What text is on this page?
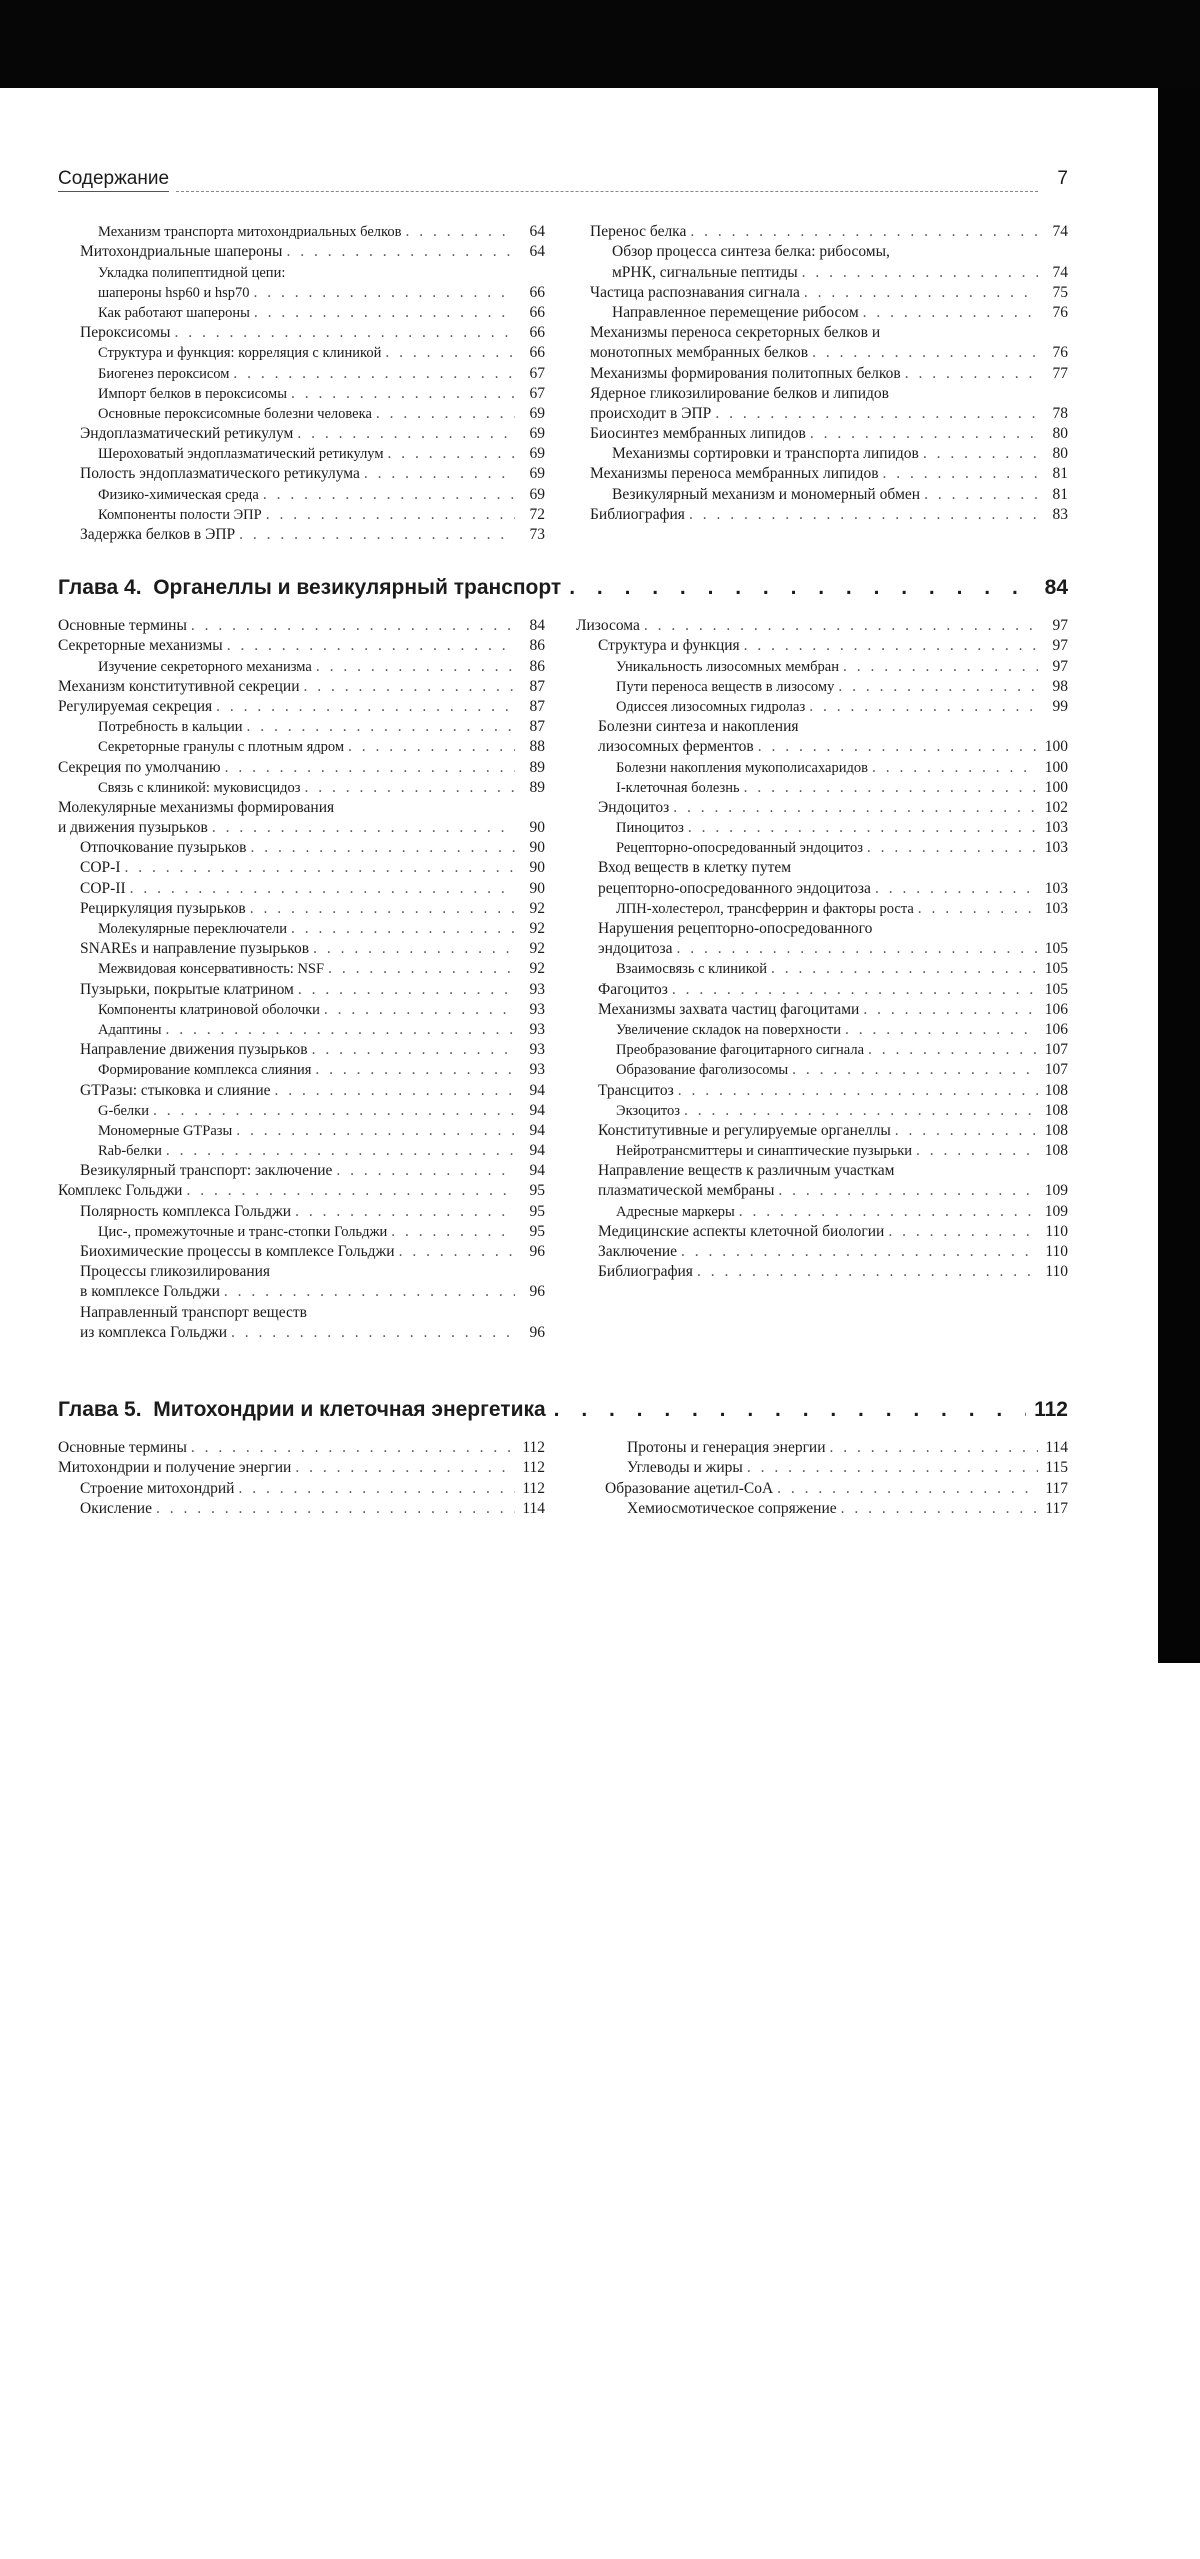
Содержание	7
Механизм транспорта митохондриальных белков . . .	64
Митохондриальные шапероны . . .	64
Укладка полипептидной цепи:
шапероны hsp60 и hsp70 . . .	66
Как работают шапероны . . .	66
Пероксисомы . . .	66
Структура и функция: корреляция с клиникой . . .	66
Биогенез пероксисом . . .	67
Импорт белков в пероксисомы . . .	67
Основные пероксисомные болезни человека . . .	69
Эндоплазматический ретикулум . . .	69
Шероховатый эндоплазматический ретикулум . . .	69
Полость эндоплазматического ретикулума . . .	69
Физико-химическая среда . . .	69
Компоненты полости ЭПР . . .	72
Задержка белков в ЭПР . . .	73
Перенос белка . . .	74
Обзор процесса синтеза белка: рибосомы,
мРНК, сигнальные пептиды . . .	74
Частица распознавания сигнала . . .	75
Направленное перемещение рибосом . . .	76
Механизмы переноса секреторных белков и
монотопных мембранных белков . . .	76
Механизмы формирования политопных белков . . .	77
Ядерное гликозилирование белков и липидов
происходит в ЭПР . . .	78
Биосинтез мембранных липидов . . .	80
Механизмы сортировки и транспорта липидов . . .	80
Механизмы переноса мембранных липидов . . .	81
Везикулярный механизм и мономерный обмен . . .	81
Библиография . . .	83
Глава 4.
Органеллы и везикулярный транспорт . . .	84
Основные термины . . .	84
Секреторные механизмы . . .	86
Изучение секреторного механизма . . .	86
Механизм конститутивной секреции . . .	87
Регулируемая секреция . . .	87
Потребность в кальции . . .	87
Секреторные гранулы с плотным ядром . . .	88
Секреция по умолчанию . . .	89
Связь с клиникой: муковисцидоз . . .	89
Молекулярные механизмы формирования
и движения пузырьков . . .	90
Отпочкование пузырьков . . .	90
COP-I . . .	90
COP-II . . .	90
Рециркуляция пузырьков . . .	92
Молекулярные переключатели . . .	92
SNAREs и направление пузырьков . . .	92
Межвидовая консервативность: NSF . . .	92
Пузырьки, покрытые клатрином . . .	93
Компоненты клатриновой оболочки . . .	93
Адаптины . . .	93
Направление движения пузырьков . . .	93
Формирование комплекса слияния . . .	93
GTPазы: стыковка и слияние . . .	94
G-белки . . .	94
Мономерные GTPазы . . .	94
Rab-белки . . .	94
Везикулярный транспорт: заключение . . .	94
Комплекс Гольджи . . .	95
Полярность комплекса Гольджи . . .	95
Цис-, промежуточные и транс-стопки Гольджи . . .	95
Биохимические процессы в комплексе Гольджи . . .	96
Процессы гликозилирования
в комплексе Гольджи . . .	96
Направленный транспорт веществ
из комплекса Гольджи . . .	96
Лизосома . . .	97
Структура и функция . . .	97
Уникальность лизосомных мембран . . .	97
Пути переноса веществ в лизосому . . .	98
Одиссея лизосомных гидролаз . . .	99
Болезни синтеза и накопления
лизосомных ферментов . . .	100
Болезни накопления мукополисахаридов . . .	100
I-клеточная болезнь . . .	100
Эндоцитоз . . .	102
Пиноцитоз . . .	103
Рецепторно-опосредованный эндоцитоз . . .	103
Вход веществ в клетку путем
рецепторно-опосредованного эндоцитоза . . .	103
ЛПН-холестерол, трансферрин и факторы роста . . .	103
Нарушения рецепторно-опосредованного
эндоцитоза . . .	105
Взаимосвязь с клиникой . . .	105
Фагоцитоз . . .	105
Механизмы захвата частиц фагоцитами . . .	106
Увеличение складок на поверхности . . .	106
Преобразование фагоцитарного сигнала . . .	107
Образование фаголизосомы . . .	107
Трансцитоз . . .	108
Экзоцитоз . . .	108
Конститутивные и регулируемые органеллы . . .	108
Нейротрансмиттеры и синаптические пузырьки . . .	108
Направление веществ к различным участкам
плазматической мембраны . . .	109
Адресные маркеры . . .	109
Медицинские аспекты клеточной биологии . . .	110
Заключение . . .	110
Библиография . . .	110
Глава 5.
Митохондрии и клеточная энергетика . . .	112
Основные термины . . .	112
Митохондрии и получение энергии . . .	112
Строение митохондрий . . .	112
Окисление . . .	114
Протоны и генерация энергии . . .	114
Углеводы и жиры . . .	115
Образование ацетил-CoA . . .	117
Хемиосмотическое сопряжение . . .	117
